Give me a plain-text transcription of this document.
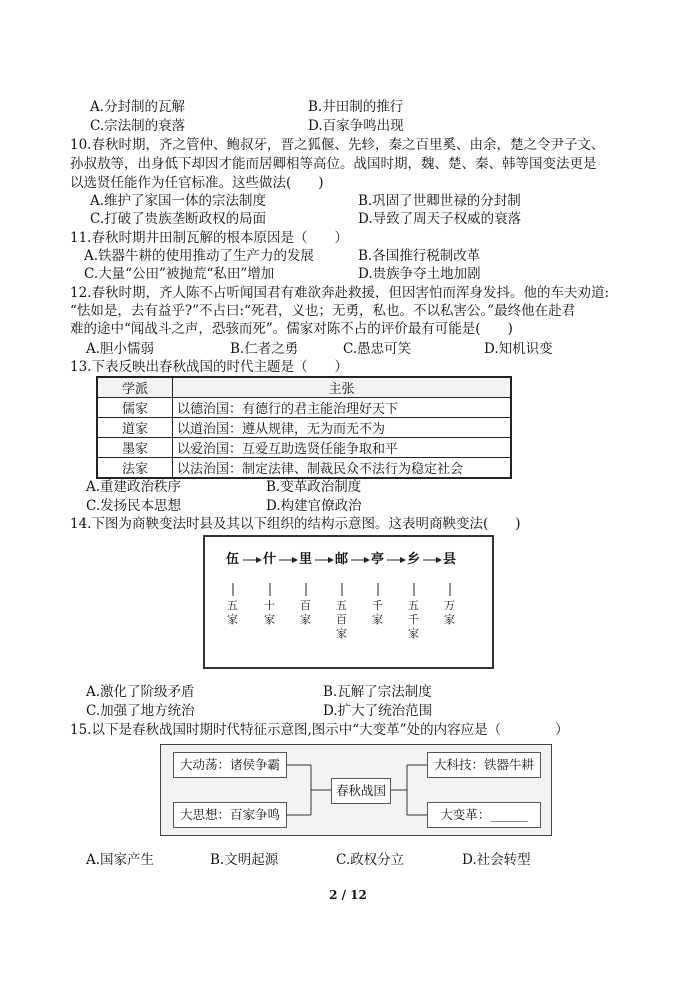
A.分封制的瓦解	B.井田制的推行
C.宗法制的衰落	D.百家争鸣出现
10.春秋时期，齐之管仲、鲍叔牙，晋之狐偃、先轸，秦之百里奚、由余，楚之令尹子文、
孙叔敖等，出身低下却因才能而居卿相等高位。战国时期，魏、楚、秦、韩等国变法更是
以选贤任能作为任官标准。这些做法(　　)
A.维护了家国一体的宗法制度	B.巩固了世卿世禄的分封制
C.打破了贵族垄断政权的局面	D.导致了周天子权威的衰落
11.春秋时期井田制瓦解的根本原因是（　　）
A.铁器牛耕的使用推动了生产力的发展	B.各国推行税制改革
C.大量“公田”被抛荒“私田”增加	D.贵族争夺土地加剧
12.春秋时期，齐人陈不占听闻国君有难欲奔赴救援，但因害怕而浑身发抖。他的车夫劝道:
“怯如是，去有益乎?”不占曰:“死君，义也；无勇，私也。不以私害公。”最终他在赴君
难的途中“闻战斗之声，恐骇而死”。儒家对陈不占的评价最有可能是(　　)
A.胆小懦弱	B.仁者之勇	C.愚忠可笑	D.知机识变
13.下表反映出春秋战国的时代主题是（　　）
学派	主张
儒家	以德治国：有德行的君主能治理好天下
道家	以道治国：遵从规律，无为而无不为
墨家	以爱治国：互爱互助选贤任能争取和平
法家	以法治国：制定法律、制裁民众不法行为稳定社会
A.重建政治秩序	B.变革政治制度
C.发扬民本思想	D.构建官僚政治
14.下图为商鞅变法时县及其以下组织的结构示意图。这表明商鞅变法(　　)
伍 什 里 邮 亭 乡 县
五家
十家
百家
五百家
千家
五千家
万家
A.激化了阶级矛盾	B.瓦解了宗法制度
C.加强了地方统治	D.扩大了统治范围
15.以下是春秋战国时期时代特征示意图,图示中“大变革”处的内容应是（　　　　）
大动荡：诸侯争霸
大思想：百家争鸣
春秋战国
大科技：铁器牛耕
大变革：______
A.国家产生	B.文明起源	C.政权分立	D.社会转型
2 / 12
